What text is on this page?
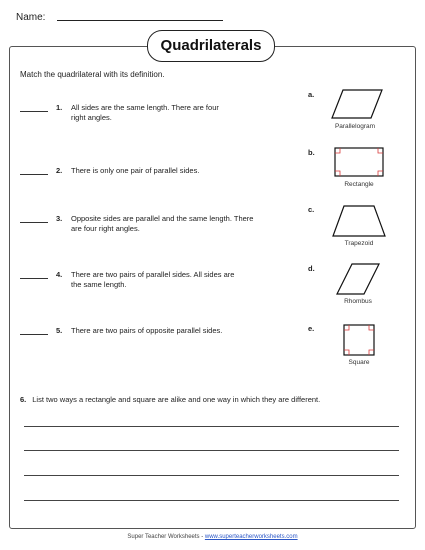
Name:
Quadrilaterals
Match the quadrilateral with its definition.
1. All sides are the same length. There are four right angles.
2. There is only one pair of parallel sides.
3. Opposite sides are parallel and the same length. There are four right angles.
4. There are two pairs of parallel sides. All sides are the same length.
5. There are two pairs of opposite parallel sides.
a.
Parallelogram
b.
Rectangle
c.
Trapezoid
d.
Rhombus
e.
Square
6. List two ways a rectangle and square are alike and one way in which they are different.
Super Teacher Worksheets - www.superteacherworksheets.com
